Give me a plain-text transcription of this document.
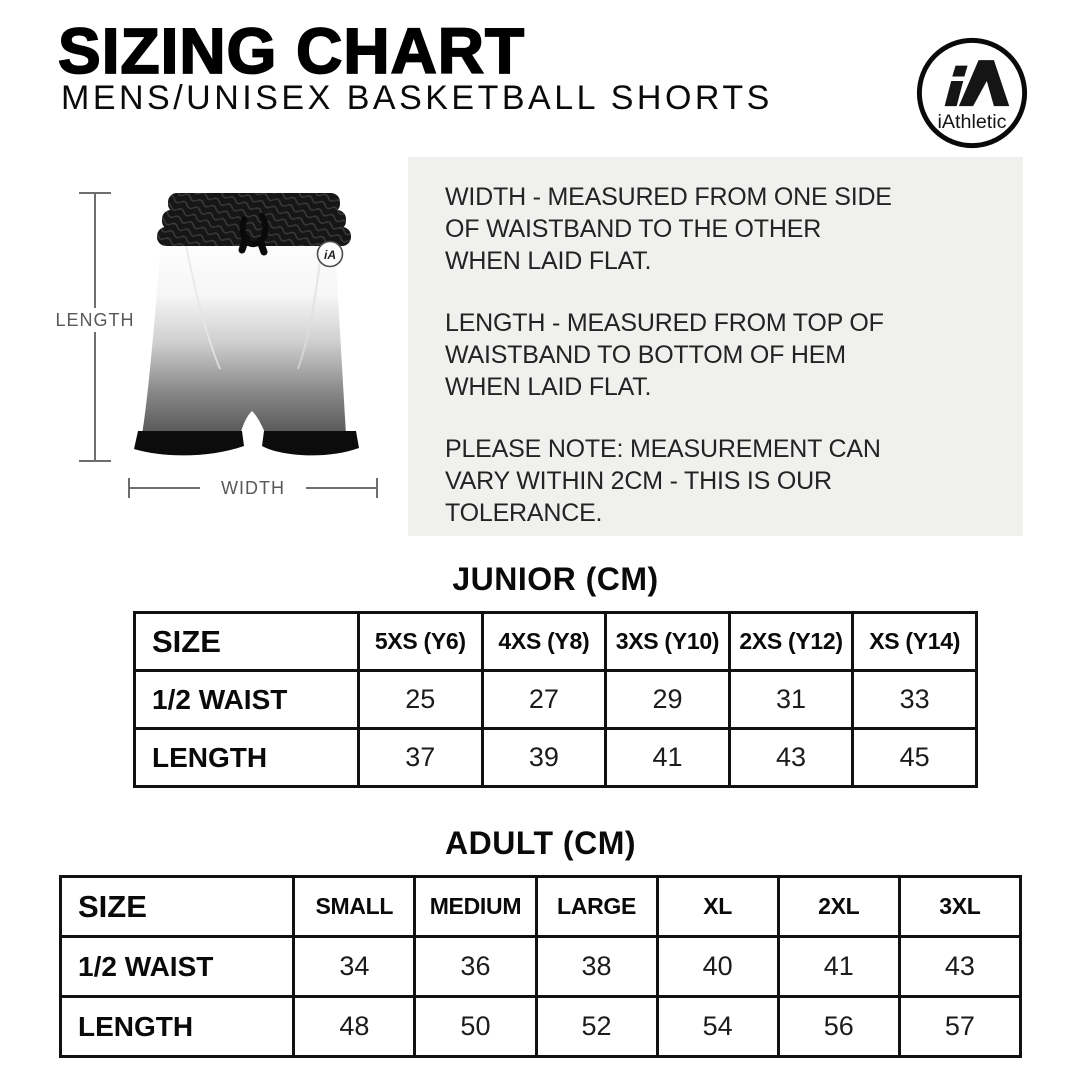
SIZING CHART
MENS/UNISEX BASKETBALL SHORTS
iAthletic
iA
LENGTH
WIDTH
WIDTH - MEASURED FROM ONE SIDE
OF WAISTBAND TO THE OTHER
WHEN LAID FLAT.
LENGTH - MEASURED FROM TOP OF
WAISTBAND TO BOTTOM OF HEM
WHEN LAID FLAT.
PLEASE NOTE: MEASUREMENT CAN
VARY WITHIN 2CM - THIS IS OUR
TOLERANCE.
JUNIOR (CM)
SIZE	5XS (Y6)	4XS (Y8)	3XS (Y10)	2XS (Y12)	XS (Y14)
1/2 WAIST	25	27	29	31	33
LENGTH	37	39	41	43	45
ADULT (CM)
SIZE	SMALL	MEDIUM	LARGE	XL	2XL	3XL
1/2 WAIST	34	36	38	40	41	43
LENGTH	48	50	52	54	56	57
